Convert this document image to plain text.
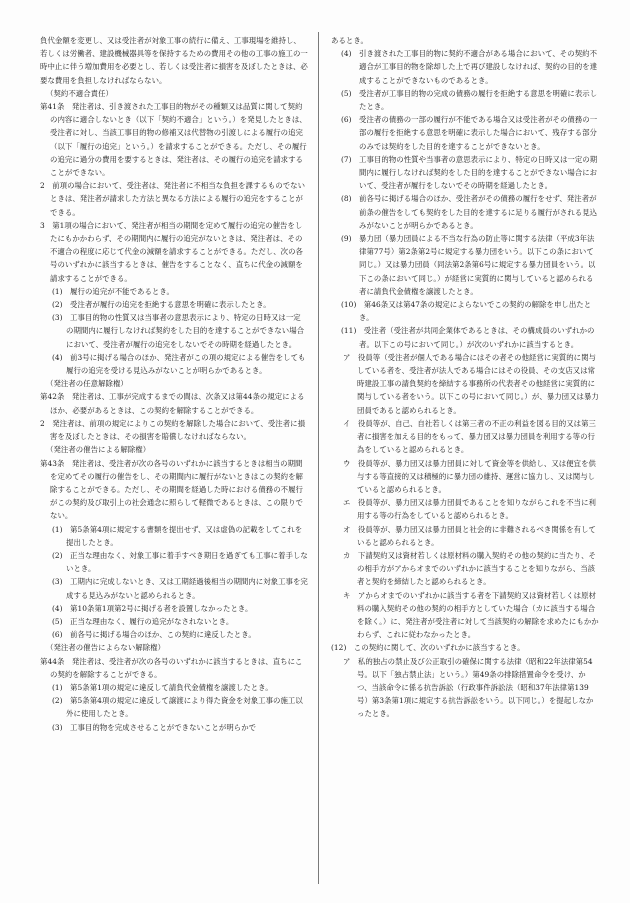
負代金額を変更し、又は受注者が対象工事の続行に備え、工事現場を維持し、若しくは労働者、建設機械器具等を保持するための費用その他の工事の施工の一時中止に伴う増加費用を必要とし、若しくは受注者に損害を及ぼしたときは、必要な費用を負担しなければならない。

（契約不適合責任）

第41条　発注者は、引き渡された工事目的物がその種類又は品質に関して契約の内容に適合しないとき（以下「契約不適合」という。）を発見したときは、受注者に対し、当該工事目的物の修補又は代替物の引渡しによる履行の追完（以下「履行の追完」という。）を請求することができる。ただし、その履行の追完に過分の費用を要するときは、発注者は、その履行の追完を請求することができない。

2　前項の場合において、受注者は、発注者に不相当な負担を課するものでないときは、発注者が請求した方法と異なる方法による履行の追完をすることができる。

3　第1項の場合において、発注者が相当の期間を定めて履行の追完の催告をしたにもかかわらず、その期間内に履行の追完がないときは、発注者は、その不適合の程度に応じて代金の減額を請求することができる。ただし、次の各号のいずれかに該当するときは、催告をすることなく、直ちに代金の減額を請求することができる。

(1)　履行の追完が不能であるとき。

(2)　受注者が履行の追完を拒絶する意思を明確に表示したとき。

(3)　工事目的物の性質又は当事者の意思表示により、特定の日時又は一定の期間内に履行しなければ契約をした目的を達することができない場合において、受注者が履行の追完をしないでその時期を経過したとき。

(4)　前3号に掲げる場合のほか、発注者がこの項の規定による催告をしても履行の追完を受ける見込みがないことが明らかであるとき。

（発注者の任意解除権）

第42条　発注者は、工事が完成するまでの間は、次条又は第44条の規定によるほか、必要があるときは、この契約を解除することができる。

2　発注者は、前項の規定によりこの契約を解除した場合において、受注者に損害を及ぼしたときは、その損害を賠償しなければならない。

（発注者の催告による解除権）

第43条　発注者は、受注者が次の各号のいずれかに該当するときは相当の期間を定めてその履行の催告をし、その期間内に履行がないときはこの契約を解除することができる。ただし、その期間を経過した時における債務の不履行がこの契約及び取引上の社会通念に照らして軽微であるときは、この限りでない。

(1)　第5条第4項に規定する書類を提出せず、又は虚偽の記載をしてこれを提出したとき。

(2)　正当な理由なく、対象工事に着手すべき期日を過ぎても工事に着手しないとき。

(3)　工期内に完成しないとき、又は工期経過後相当の期間内に対象工事を完成する見込みがないと認められるとき。

(4)　第10条第1項第2号に掲げる者を設置しなかったとき。

(5)　正当な理由なく、履行の追完がなされないとき。

(6)　前各号に掲げる場合のほか、この契約に違反したとき。

（発注者の催告によらない解除権）

第44条　発注者は、受注者が次の各号のいずれかに該当するときは、直ちにこの契約を解除することができる。

(1)　第5条第1項の規定に違反して請負代金債権を譲渡したとき。

(2)　第5条第4項の規定に違反して譲渡により得た資金を対象工事の施工以外に使用したとき。

(3)　工事目的物を完成させることができないことが明らかで

あるとき。

(4)　引き渡された工事目的物に契約不適合がある場合において、その契約不適合が工事目的物を除却した上で再び建設しなければ、契約の目的を達成することができないものであるとき。

(5)　受注者が工事目的物の完成の債務の履行を拒絶する意思を明確に表示したとき。

(6)　受注者の債務の一部の履行が不能である場合又は受注者がその債務の一部の履行を拒絶する意思を明確に表示した場合において、残存する部分のみでは契約をした目的を達することができないとき。

(7)　工事目的物の性質や当事者の意思表示により、特定の日時又は一定の期間内に履行しなければ契約をした目的を達することができない場合において、受注者が履行をしないでその時期を経過したとき。

(8)　前各号に掲げる場合のほか、受注者がその債務の履行をせず、発注者が前条の催告をしても契約をした目的を達するに足りる履行がされる見込みがないことが明らかであるとき。

(9)　暴力団（暴力団員による不当な行為の防止等に関する法律（平成3年法律第77号）第2条第2号に規定する暴力団をいう。以下この条において同じ。）又は暴力団員（同法第2条第6号に規定する暴力団員をいう。以下この条において同じ。）が経営に実質的に関与していると認められる者に請負代金債権を譲渡したとき。

(10)　第46条又は第47条の規定によらないでこの契約の解除を申し出たとき。

(11)　受注者（受注者が共同企業体であるときは、その構成員のいずれかの者。以下この号において同じ。）が次のいずれかに該当するとき。

ア　役員等（受注者が個人である場合にはその者その他経営に実質的に関与している者を、受注者が法人である場合にはその役員、その支店又は常時建設工事の請負契約を締結する事務所の代表者その他経営に実質的に関与している者をいう。以下この号において同じ。）が、暴力団又は暴力団員であると認められるとき。

イ　役員等が、自己、自社若しくは第三者の不正の利益を図る目的又は第三者に損害を加える目的をもって、暴力団又は暴力団員を利用する等の行為をしていると認められるとき。

ウ　役員等が、暴力団又は暴力団員に対して資金等を供給し、又は便宜を供与する等直接的又は積極的に暴力団の維持、運営に協力し、又は関与していると認められるとき。

エ　役員等が、暴力団又は暴力団員であることを知りながらこれを不当に利用する等の行為をしていると認められるとき。

オ　役員等が、暴力団又は暴力団員と社会的に非難されるべき関係を有していると認められるとき。

カ　下請契約又は資材若しくは原材料の購入契約その他の契約に当たり、その相手方がアからオまでのいずれかに該当することを知りながら、当該者と契約を締結したと認められるとき。

キ　アからオまでのいずれかに該当する者を下請契約又は資材若しくは原材料の購入契約その他の契約の相手方としていた場合（カに該当する場合を除く。）に、発注者が受注者に対して当該契約の解除を求めたにもかかわらず、これに従わなかったとき。

(12)　この契約に関して、次のいずれかに該当するとき。

ア　私的独占の禁止及び公正取引の確保に関する法律（昭和22年法律第54号。以下「独占禁止法」という。）第49条の排除措置命令を受け、かつ、当該命令に係る抗告訴訟（行政事件訴訟法（昭和37年法律第139号）第3条第1項に規定する抗告訴訟をいう。以下同じ。）を提起しなかったとき。
